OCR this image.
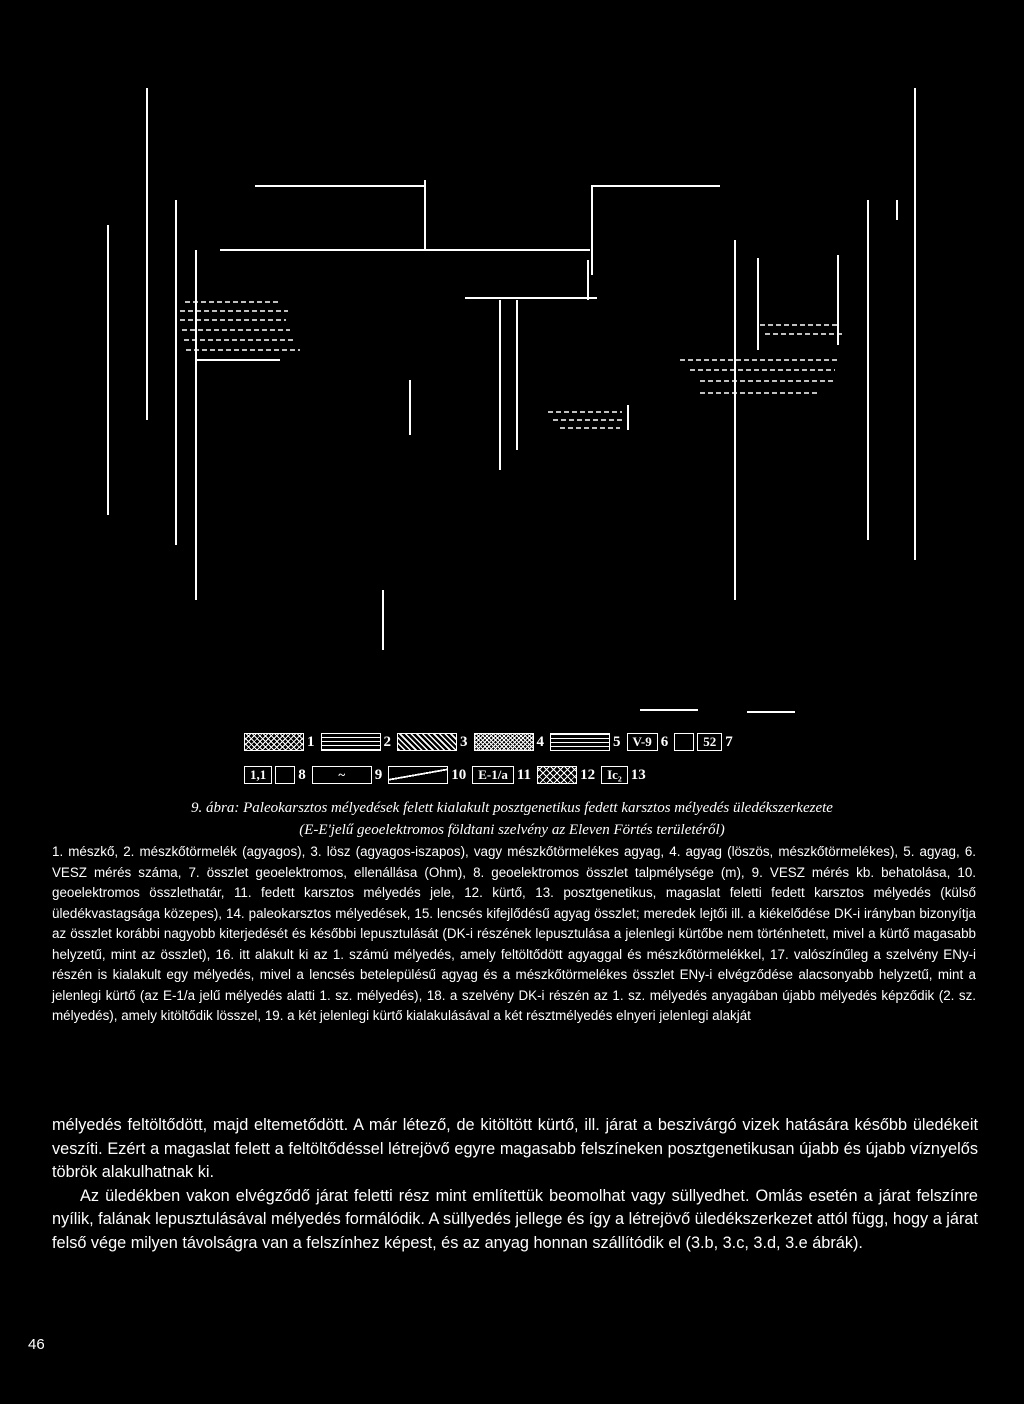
1	2	3	4	5 V-9 6	52 7
1,1	8	~	9	10 E-1/a 11	12 Ic₂ 13
9. ábra: Paleokarsztos mélyedések felett kialakult posztgenetikus fedett karsztos mélyedés üledékszerkezete
(E-E'jelű geoelektromos földtani szelvény az Eleven Förtés területéről)
1. mészkő, 2. mészkőtörmelék (agyagos), 3. lösz (agyagos-iszapos), vagy mészkőtörmelékes agyag, 4. agyag (löszös, mészkőtörmelékes), 5. agyag, 6. VESZ mérés száma, 7. összlet geoelektromos, ellenállása (Ohm), 8. geoelektromos összlet talpmélysége (m), 9. VESZ mérés kb. behatolása, 10. geoelektromos összlethatár, 11. fedett karsztos mélyedés jele, 12. kürtő, 13. posztgenetikus, magaslat feletti fedett karsztos mélyedés (külső üledékvastagsága közepes), 14. paleokarsztos mélyedések, 15. lencsés kifejlődésű agyag összlet; meredek lejtői ill. a kiékelődése DK-i irányban bizonyítja az összlet korábbi nagyobb kiterjedését és későbbi lepusztulását (DK-i részének lepusztulása a jelenlegi kürtőbe nem történhetett, mivel a kürtő magasabb helyzetű, mint az összlet), 16. itt alakult ki az 1. számú mélyedés, amely feltöltődött agyaggal és mészkőtörmelékkel, 17. valószínűleg a szelvény ENy-i részén is kialakult egy mélyedés, mivel a lencsés betelepülésű agyag és a mészkőtörmelékes összlet ENy-i elvégződése alacsonyabb helyzetű, mint a jelenlegi kürtő (az E-1/a jelű mélyedés alatti 1. sz. mélyedés), 18. a szelvény DK-i részén az 1. sz. mélyedés anyagában újabb mélyedés képződik (2. sz. mélyedés), amely kitöltődik lösszel, 19. a két jelenlegi kürtő kialakulásával a két résztmélyedés elnyeri jelenlegi alakját

mélyedés feltöltődött, majd eltemetődött. A már létező, de kitöltött kürtő, ill. járat a beszivárgó vizek hatására később üledékeit veszíti. Ezért a magaslat felett a feltöltődéssel létrejövő egyre magasabb felszíneken posztgenetikusan újabb és újabb víznyelős töbrök alakulhatnak ki.

Az üledékben vakon elvégződő járat feletti rész mint említettük beomolhat vagy süllyedhet. Omlás esetén a járat felszínre nyílik, falának lepusztulásával mélyedés formálódik. A süllyedés jellege és így a létrejövő üledékszerkezet attól függ, hogy a járat felső vége milyen távolságra van a felszínhez képest, és az anyag honnan szállítódik el (3.b, 3.c, 3.d, 3.e ábrák).

46
